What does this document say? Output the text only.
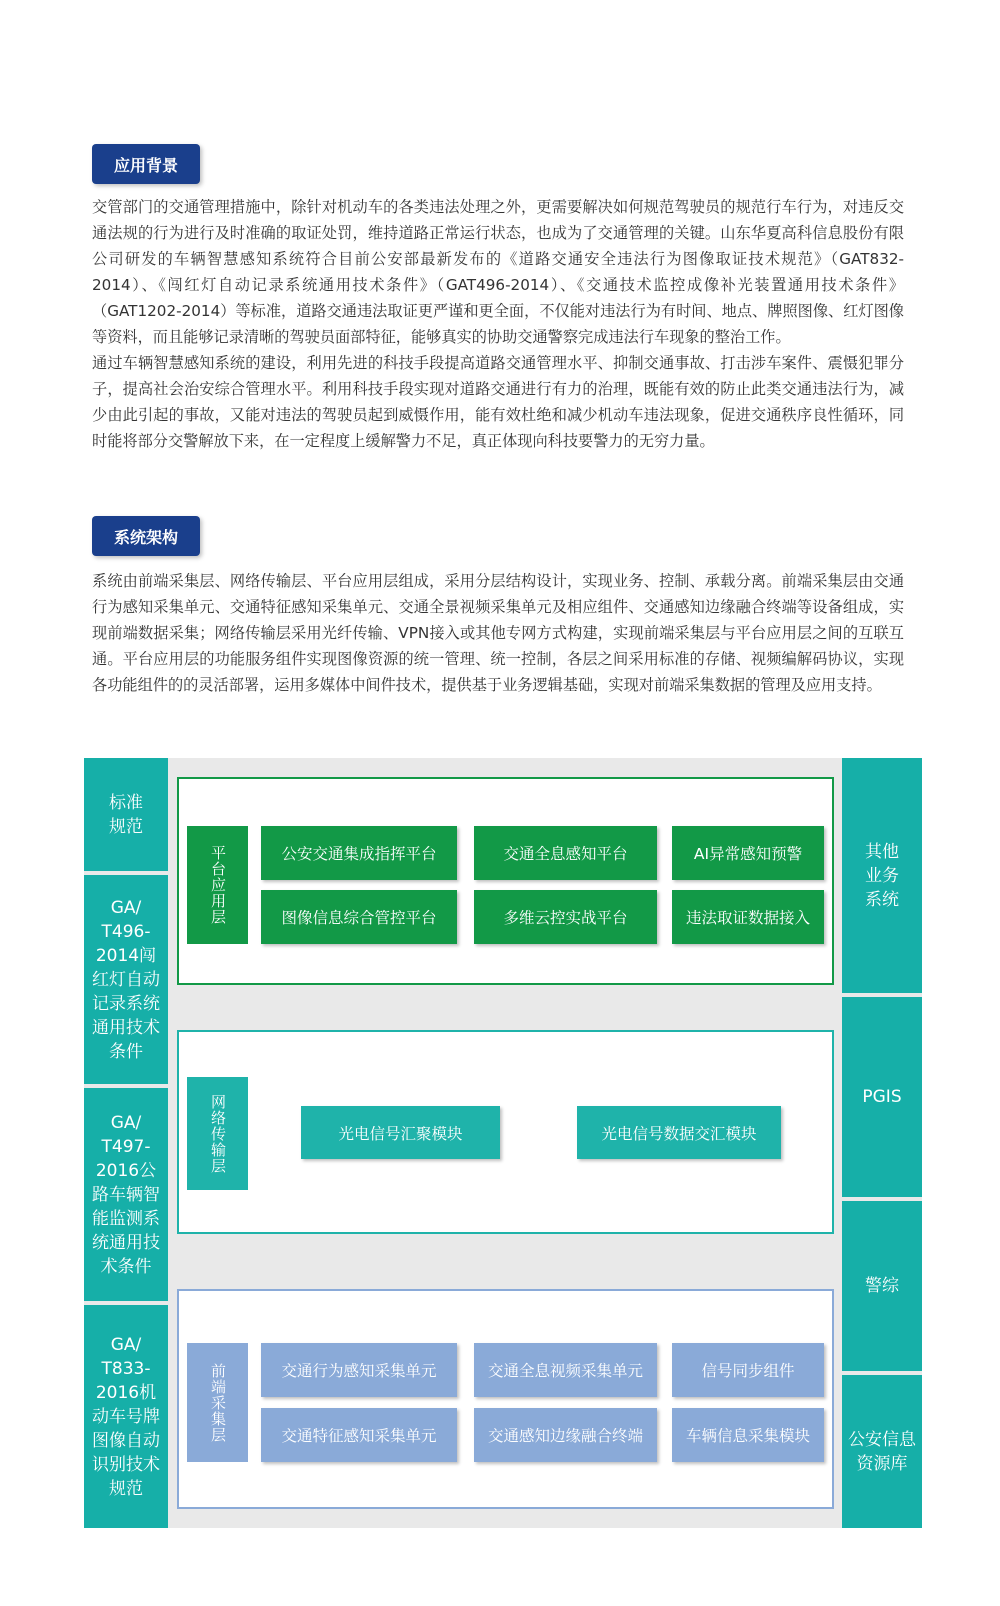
应用背景

交管部门的交通管理措施中，除针对机动车的各类违法处理之外，更需要解决如何规范驾驶员的规范行车行为，对违反交通法规的行为进行及时准确的取证处罚，维持道路正常运行状态，也成为了交通管理的关键。山东华夏高科信息股份有限公司研发的车辆智慧感知系统符合目前公安部最新发布的《道路交通安全违法行为图像取证技术规范》（GAT832-2014）、《闯红灯自动记录系统通用技术条件》（GAT496-2014）、《交通技术监控成像补光装置通用技术条件》（GAT1202-2014）等标准，道路交通违法取证更严谨和更全面，不仅能对违法行为有时间、地点、牌照图像、红灯图像等资料，而且能够记录清晰的驾驶员面部特征，能够真实的协助交通警察完成违法行车现象的整治工作。

通过车辆智慧感知系统的建设，利用先进的科技手段提高道路交通管理水平、抑制交通事故、打击涉车案件、震慑犯罪分子，提高社会治安综合管理水平。利用科技手段实现对道路交通进行有力的治理，既能有效的防止此类交通违法行为，减少由此引起的事故，又能对违法的驾驶员起到威慑作用，能有效杜绝和减少机动车违法现象，促进交通秩序良性循环，同时能将部分交警解放下来，在一定程度上缓解警力不足，真正体现向科技要警力的无穷力量。

系统架构
系统由前端采集层、网络传输层、平台应用层组成，采用分层结构设计，实现业务、控制、承载分离。前端采集层由交通行为感知采集单元、交通特征感知采集单元、交通全景视频采集单元及相应组件、交通感知边缘融合终端等设备组成，实现前端数据采集；网络传输层采用光纤传输、VPN接入或其他专网方式构建，实现前端采集层与平台应用层之间的互联互通。平台应用层的功能服务组件实现图像资源的统一管理、统一控制，各层之间采用标准的存储、视频编解码协议，实现各功能组件的的灵活部署，运用多媒体中间件技术，提供基于业务逻辑基础，实现对前端采集数据的管理及应用支持。
标准
规范
GA/
T496-
2014闯
红灯自动
记录系统
通用技术
条件
GA/
T497-
2016公
路车辆智
能监测系
统通用技
术条件
GA/
T833-
2016机
动车号牌
图像自动
识别技术
规范
其他
业务
系统
PGIS
警综
公安信息
资源库
平台应用层	公安交通集成指挥平台	交通全息感知平台	AI异常感知预警
图像信息综合管控平台	多维云控实战平台	违法取证数据接入
网络传输层	光电信号汇聚模块	光电信号数据交汇模块
前端采集层	交通行为感知采集单元	交通全息视频采集单元	信号同步组件
交通特征感知采集单元	交通感知边缘融合终端	车辆信息采集模块
